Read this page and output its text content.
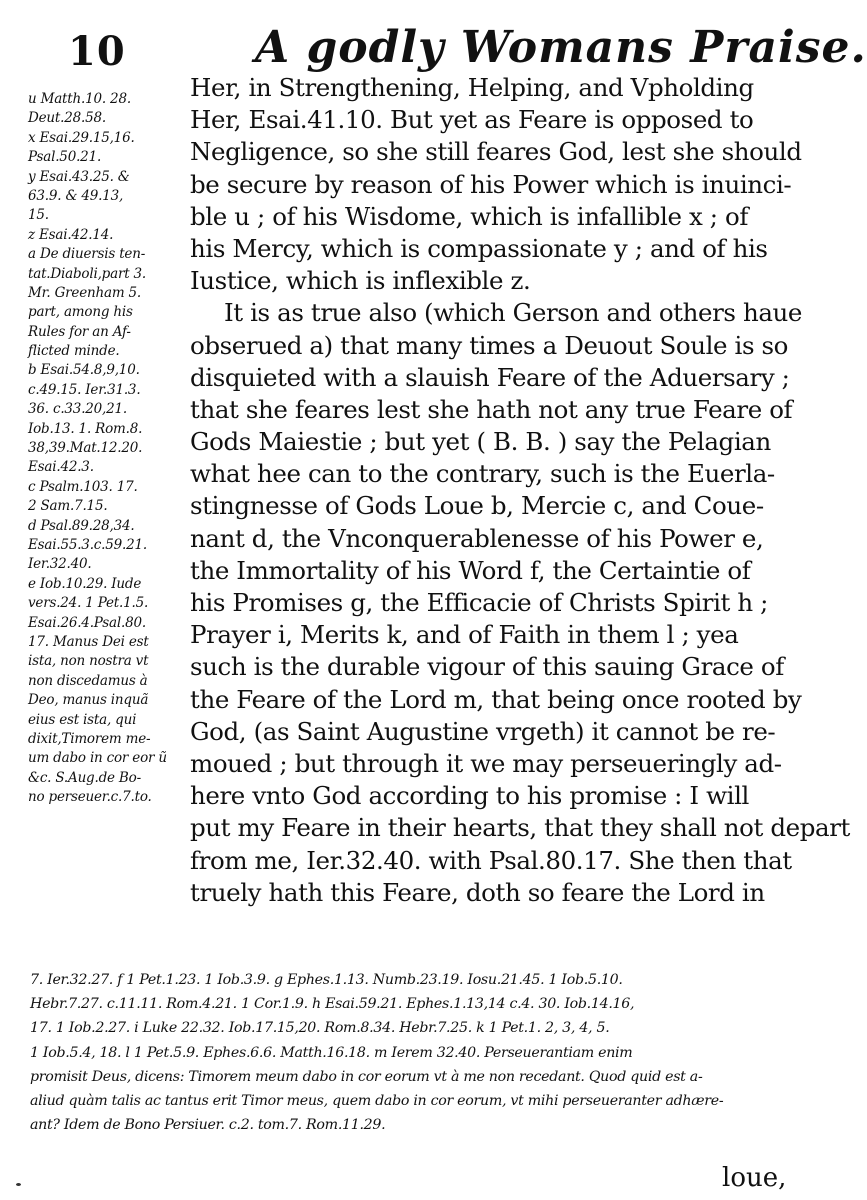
10	A godly Womans Praise.
u Matth.10. 28.
Deut.28.58.
x Esai.29.15,16.
Psal.50.21.
y Esai.43.25. &
63.9. & 49.13,
15.
z Esai.42.14.
a De diuersis ten-
tat.Diaboli,part 3.
Mr. Greenham 5.
part, among his
Rules for an Af-
flicted minde.
b Esai.54.8,9,10.
c.49.15. Ier.31.3.
36. c.33.20,21.
Iob.13. 1. Rom.8.
38,39.Mat.12.20.
Esai.42.3.
c Psalm.103. 17.
2 Sam.7.15.
d Psal.89.28,34.
Esai.55.3.c.59.21.
Ier.32.40.
e Iob.10.29. Iude
vers.24. 1 Pet.1.5.
Esai.26.4.Psal.80.
17. Manus Dei est
ista, non nostra vt
non discedamus à
Deo, manus inquã
eius est ista, qui
dixit,Timorem me-
um dabo in cor eor ũ
&c. S.Aug.de Bo-
no perseuer.c.7.to.
Her, in Strengthening, Helping, and Vpholding
Her, Esai.41.10. But yet as Feare is opposed to
Negligence, so she still feares God, lest she should
be secure by reason of his Power which is inuinci-
ble u ; of his Wisdome, which is infallible x ; of
his Mercy, which is compassionate y ; and of his
Iustice, which is inflexible z.
It is as true also (which Gerson and others haue
obserued a) that many times a Deuout Soule is so
disquieted with a slauish Feare of the Aduersary ;
that she feares lest she hath not any true Feare of
Gods Maiestie ; but yet ( B. B. ) say the Pelagian
what hee can to the contrary, such is the Euerla-
stingnesse of Gods Loue b, Mercie c, and Coue-
nant d, the Vnconquerablenesse of his Power e,
the Immortality of his Word f, the Certaintie of
his Promises g, the Efficacie of Christs Spirit h ;
Prayer i, Merits k, and of Faith in them l ; yea
such is the durable vigour of this sauing Grace of
the Feare of the Lord m, that being once rooted by
God, (as Saint Augustine vrgeth) it cannot be re-
moued ; but through it we may perseueringly ad-
here vnto God according to his promise : I will
put my Feare in their hearts, that they shall not depart
from me, Ier.32.40. with Psal.80.17. She then that
truely hath this Feare, doth so feare the Lord in
7. Ier.32.27. f 1 Pet.1.23. 1 Iob.3.9. g Ephes.1.13. Numb.23.19. Iosu.21.45. 1 Iob.5.10.
Hebr.7.27. c.11.11. Rom.4.21. 1 Cor.1.9. h Esai.59.21. Ephes.1.13,14 c.4. 30. Iob.14.16,
17. 1 Iob.2.27. i Luke 22.32. Iob.17.15,20. Rom.8.34. Hebr.7.25. k 1 Pet.1. 2, 3, 4, 5.
1 Iob.5.4, 18. l 1 Pet.5.9. Ephes.6.6. Matth.16.18. m Ierem 32.40. Perseuerantiam enim
promisit Deus, dicens: Timorem meum dabo in cor eorum vt à me non recedant. Quod quid est a-
aliud quàm talis ac tantus erit Timor meus, quem dabo in cor eorum, vt mihi perseueranter adhære-
ant? Idem de Bono Persiuer. c.2. tom.7. Rom.11.29.
loue,
